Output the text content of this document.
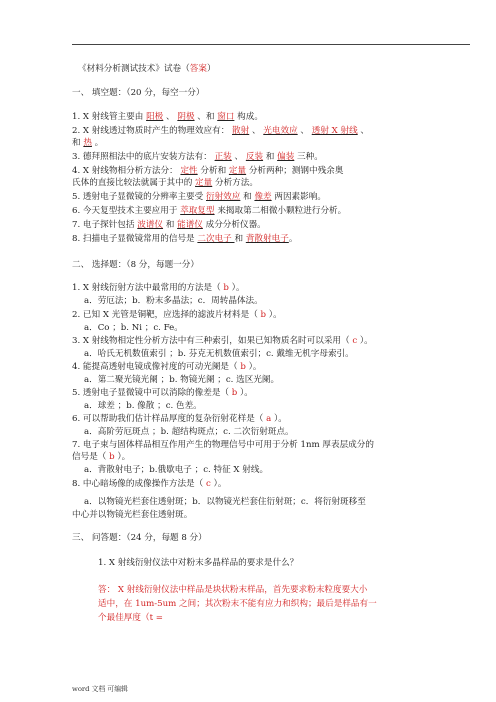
《材料分析测试技术》试卷（答案）
一、 填空题：（20 分，每空一分）
1. X 射线管主要由 阳极 、 阴极 、和 窗口 构成。
2. X 射线透过物质时产生的物理效应有： 散射 、 光电效应 、 透射 X 射线 、
和 热 。
3. 德拜照相法中的底片安装方法有： 正装 、 反装 和 偏装 三种。
4. X 射线物相分析方法分： 定性 分析和 定量 分析两种；测钢中残余奥
氏体的直接比较法就属于其中的 定量 分析方法。
5. 透射电子显微镜的分辨率主要受 衍射效应 和 像差 两因素影响。
6. 今天复型技术主要应用于 萃取复型 来揭取第二相微小颗粒进行分析。
7. 电子探针包括 波谱仪 和 能谱仪 成分分析仪器。
8. 扫描电子显微镜常用的信号是 二次电子 和 背散射电子。
二、 选择题：（8 分，每题一分）
1. X 射线衍射方法中最常用的方法是（ b ）。
a．劳厄法；b．粉末多晶法；c．周转晶体法。
2. 已知 X 光管是铜靶，应选择的滤波片材料是（ b ）。
a．Co ；b. Ni ；c. Fe。
3. X 射线物相定性分析方法中有三种索引，如果已知物质名时可以采用（ c ）。
a．哈氏无机数值索引 ；b. 芬克无机数值索引；c. 戴维无机字母索引。
4. 能提高透射电镜成像衬度的可动光阑是（ b ）。
a．第二聚光镜光阑 ；b. 物镜光阑 ；c. 选区光阑。
5. 透射电子显微镜中可以消除的像差是（ b ）。
a．球差 ；b. 像散 ；c. 色差。
6. 可以帮助我们估计样品厚度的复杂衍射花样是（ a ）。
a．高阶劳厄斑点 ；b. 超结构斑点；c. 二次衍射斑点。
7. 电子束与固体样品相互作用产生的物理信号中可用于分析 1nm 厚表层成分的
信号是（ b ）。
a．背散射电子；b.俄歇电子 ；c. 特征 X 射线。
8. 中心暗场像的成像操作方法是（ c ）。
a．以物镜光栏套住透射斑；b．以物镜光栏套住衍射斑；c．将衍射斑移至
中心并以物镜光栏套住透射斑。
三、 问答题：（24 分，每题 8 分）
1. X 射线衍射仪法中对粉末多晶样品的要求是什么？
答： X 射线衍射仪法中样品是块状粉末样品，首先要求粉末粒度要大小
适中，在 1um-5um 之间；其次粉末不能有应力和织构；最后是样品有一
个最佳厚度（t =
word 文档 可编辑
